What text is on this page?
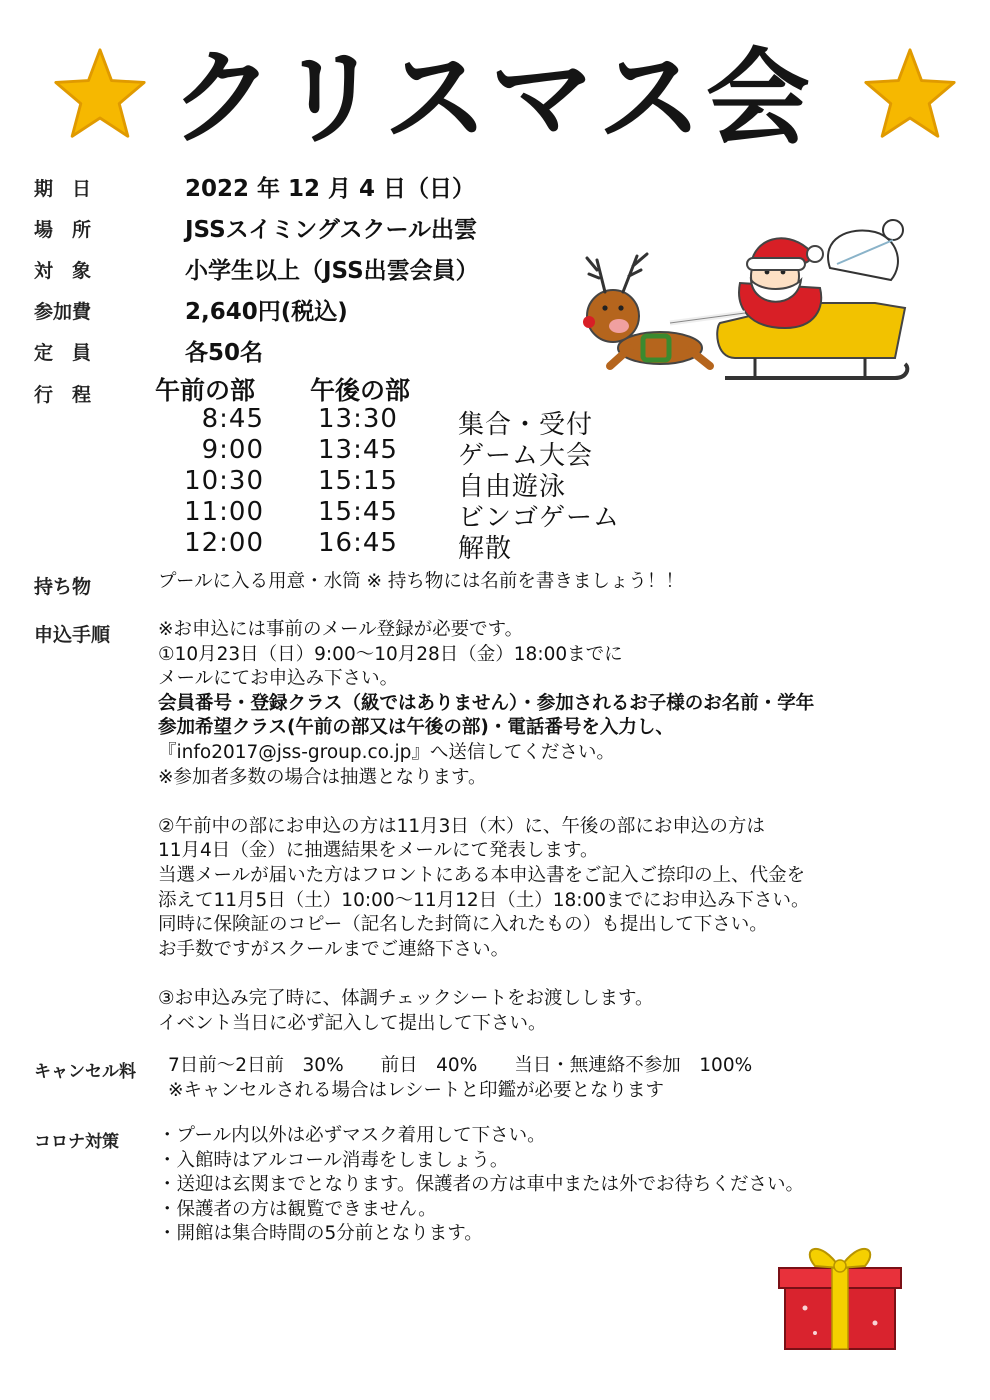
クリスマス会
期　日	2022 年 12 月 4 日（日）
場　所	JSSスイミングスクール出雲
対　象	小学生以上（JSS出雲会員）
参加費	2,640円(税込)
定　員	各50名
行　程	午前の部 午後の部
8:45 13:30 集合・受付
9:00 13:45 ゲーム大会
10:30 15:15 自由遊泳
11:00 15:45 ビンゴゲーム
12:00 16:45 解散
持ち物	プールに入る用意・水筒 ※ 持ち物には名前を書きましょう！！
申込手順	※お申込には事前のメール登録が必要です。
①10月23日（日）9:00～10月28日（金）18:00までに
メールにてお申込み下さい。
会員番号・登録クラス（級ではありません）・参加されるお子様のお名前・学年
参加希望クラス(午前の部又は午後の部)・電話番号を入力し、
『info2017@jss-group.co.jp』へ送信してください。
※参加者多数の場合は抽選となります。
②午前中の部にお申込の方は11月3日（木）に、午後の部にお申込の方は
11月4日（金）に抽選結果をメールにて発表します。
当選メールが届いた方はフロントにある本申込書をご記入ご捺印の上、代金を
添えて11月5日（土）10:00～11月12日（土）18:00までにお申込み下さい。
同時に保険証のコピー（記名した封筒に入れたもの）も提出して下さい。
お手数ですがスクールまでご連絡下さい。
③お申込み完了時に、体調チェックシートをお渡しします。
イベント当日に必ず記入して提出して下さい。
キャンセル料 7日前～2日前　30%　　前日　40%　　当日・無連絡不参加　100%
※キャンセルされる場合はレシートと印鑑が必要となります
コロナ対策 ・プール内以外は必ずマスク着用して下さい。
・入館時はアルコール消毒をしましょう。
・送迎は玄関までとなります。保護者の方は車中または外でお待ちください。
・保護者の方は観覧できません。
・開館は集合時間の5分前となります。
